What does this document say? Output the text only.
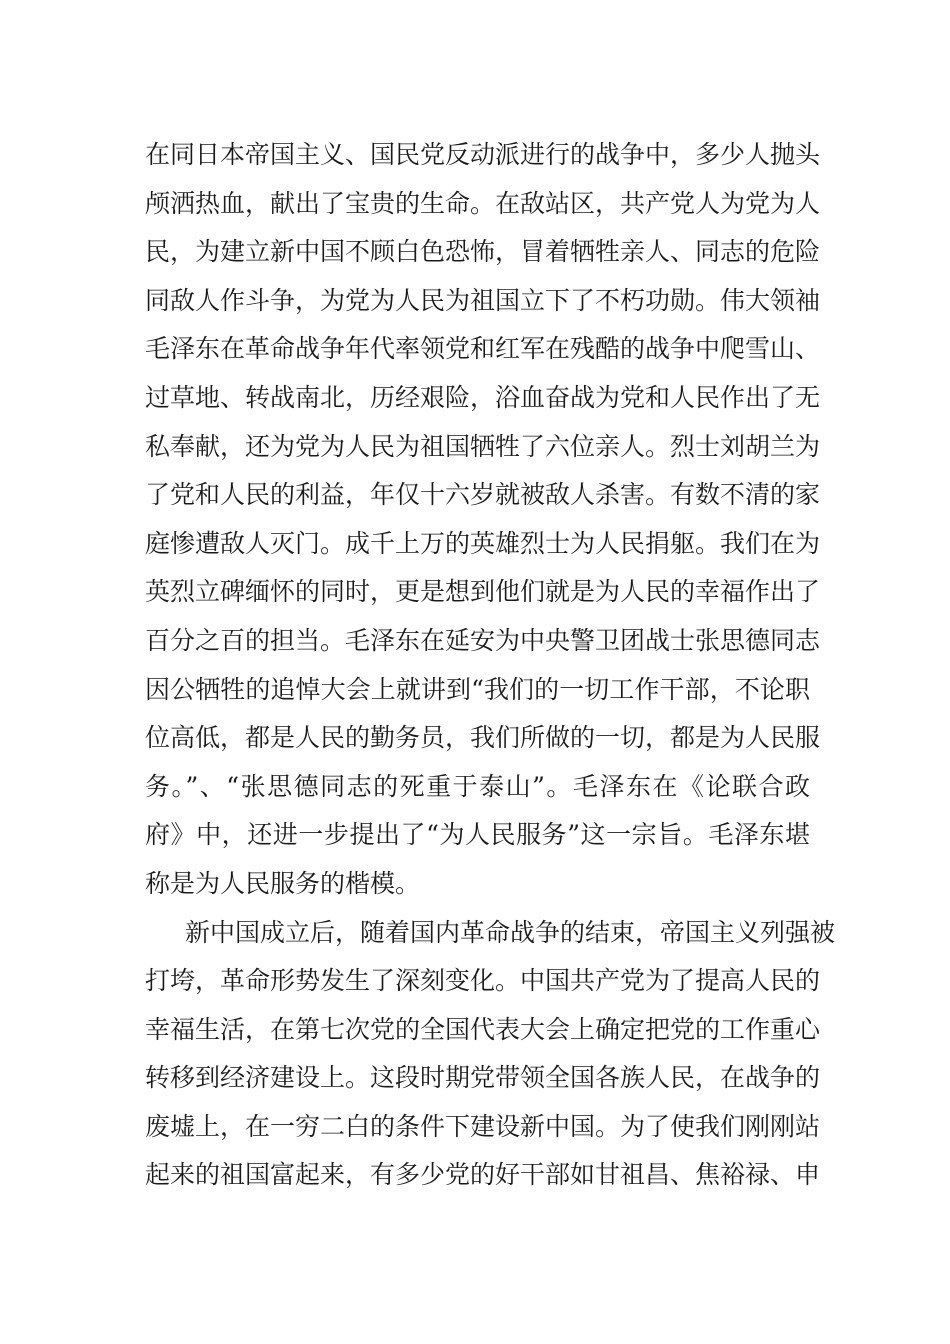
在同日本帝国主义、国民党反动派进行的战争中，多少人抛头
颅洒热血，献出了宝贵的生命。在敌站区，共产党人为党为人
民，为建立新中国不顾白色恐怖，冒着牺牲亲人、同志的危险
同敌人作斗争，为党为人民为祖国立下了不朽功勋。伟大领袖
毛泽东在革命战争年代率领党和红军在残酷的战争中爬雪山、
过草地、转战南北，历经艰险，浴血奋战为党和人民作出了无
私奉献，还为党为人民为祖国牺牲了六位亲人。烈士刘胡兰为
了党和人民的利益，年仅十六岁就被敌人杀害。有数不清的家
庭惨遭敌人灭门。成千上万的英雄烈士为人民捐躯。我们在为
英烈立碑缅怀的同时，更是想到他们就是为人民的幸福作出了
百分之百的担当。毛泽东在延安为中央警卫团战士张思德同志
因公牺牲的追悼大会上就讲到“我们的一切工作干部，不论职
位高低，都是人民的勤务员，我们所做的一切，都是为人民服
务。”、“张思德同志的死重于泰山”。毛泽东在《论联合政
府》中，还进一步提出了“为人民服务”这一宗旨。毛泽东堪
称是为人民服务的楷模。
新中国成立后，随着国内革命战争的结束，帝国主义列强被
打垮，革命形势发生了深刻变化。中国共产党为了提高人民的
幸福生活，在第七次党的全国代表大会上确定把党的工作重心
转移到经济建设上。这段时期党带领全国各族人民，在战争的
废墟上，在一穷二白的条件下建设新中国。为了使我们刚刚站
起来的祖国富起来，有多少党的好干部如甘祖昌、焦裕禄、申
